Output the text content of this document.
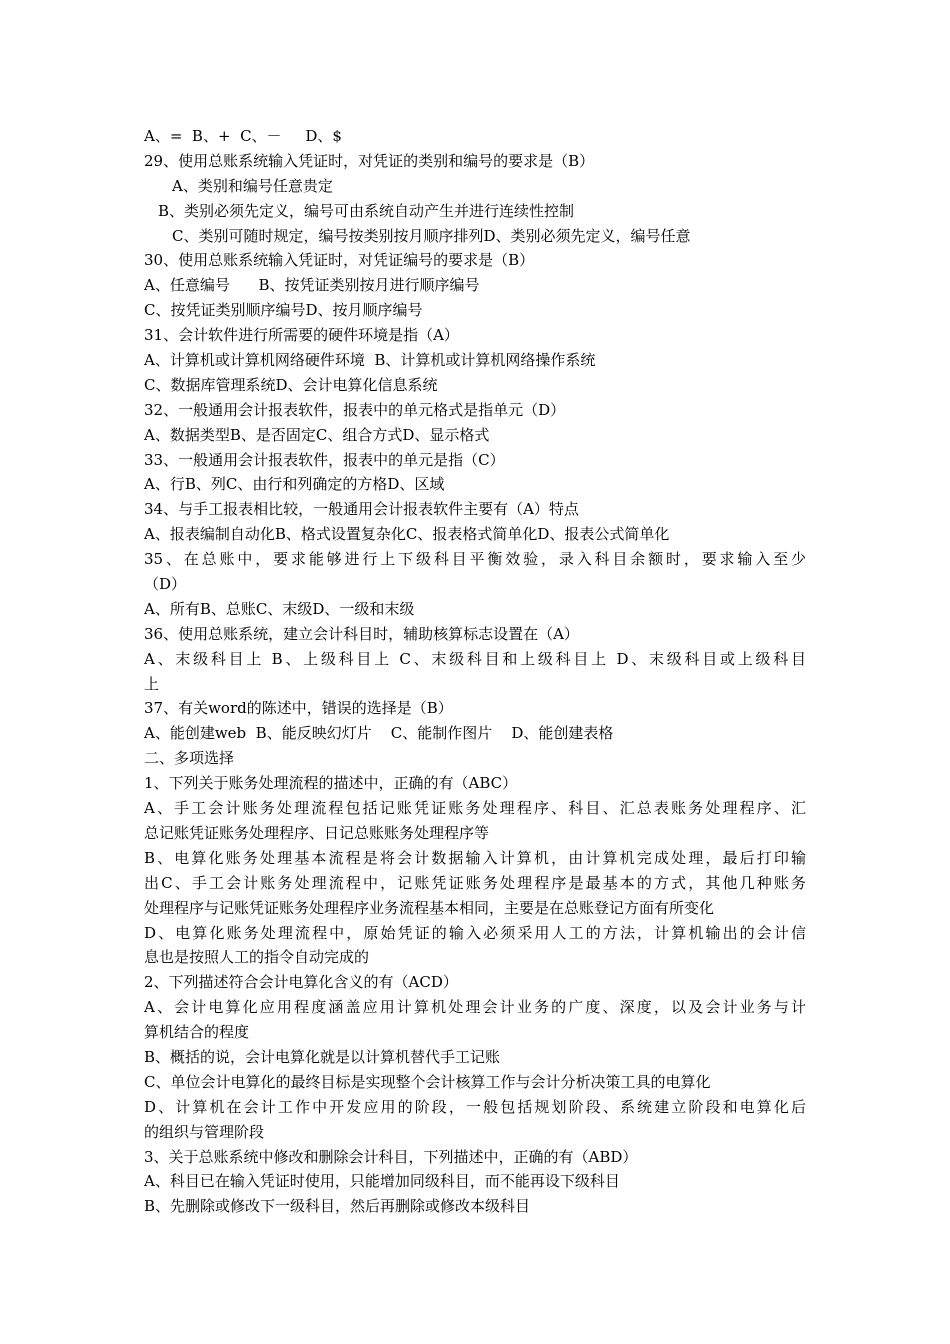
A、=  B、+  C、－     D、$

29、使用总账系统输入凭证时，对凭证的类别和编号的要求是（B）

A、类别和编号任意贵定

B、类别必须先定义，编号可由系统自动产生并进行连续性控制

C、类别可随时规定，编号按类别按月顺序排列D、类别必须先定义，编号任意

30、使用总账系统输入凭证时，对凭证编号的要求是（B）

A、任意编号      B、按凭证类别按月进行顺序编号

C、按凭证类别顺序编号D、按月顺序编号

31、会计软件进行所需要的硬件环境是指（A）

A、计算机或计算机网络硬件环境  B、计算机或计算机网络操作系统

C、数据库管理系统D、会计电算化信息系统

32、一般通用会计报表软件，报表中的单元格式是指单元（D）

A、数据类型B、是否固定C、组合方式D、显示格式

33、一般通用会计报表软件，报表中的单元是指（C）

A、行B、列C、由行和列确定的方格D、区域

34、与手工报表相比较，一般通用会计报表软件主要有（A）特点

A、报表编制自动化B、格式设置复杂化C、报表格式简单化D、报表公式简单化

35、在总账中，要求能够进行上下级科目平衡效验，录入科目余额时，要求输入至少

（D）

A、所有B、总账C、末级D、一级和末级

36、使用总账系统，建立会计科目时，辅助核算标志设置在（A）

A、末级科目上 B、上级科目上 C、末级科目和上级科目上 D、末级科目或上级科目

上

37、有关word的陈述中，错误的选择是（B）

A、能创建web  B、能反映幻灯片    C、能制作图片    D、能创建表格

二、多项选择

1、下列关于账务处理流程的描述中，正确的有（ABC）

A、手工会计账务处理流程包括记账凭证账务处理程序、科目、汇总表账务处理程序、汇

总记账凭证账务处理程序、日记总账账务处理程序等

B、电算化账务处理基本流程是将会计数据输入计算机，由计算机完成处理，最后打印输

出C、手工会计账务处理流程中，记账凭证账务处理程序是最基本的方式，其他几种账务

处理程序与记账凭证账务处理程序业务流程基本相同，主要是在总账登记方面有所变化

D、电算化账务处理流程中，原始凭证的输入必须采用人工的方法，计算机输出的会计信

息也是按照人工的指令自动完成的

2、下列描述符合会计电算化含义的有（ACD）

A、会计电算化应用程度涵盖应用计算机处理会计业务的广度、深度，以及会计业务与计

算机结合的程度

B、概括的说，会计电算化就是以计算机替代手工记账

C、单位会计电算化的最终目标是实现整个会计核算工作与会计分析决策工具的电算化

D、计算机在会计工作中开发应用的阶段，一般包括规划阶段、系统建立阶段和电算化后

的组织与管理阶段

3、关于总账系统中修改和删除会计科目，下列描述中，正确的有（ABD）

A、科目已在输入凭证时使用，只能增加同级科目，而不能再设下级科目

B、先删除或修改下一级科目，然后再删除或修改本级科目
